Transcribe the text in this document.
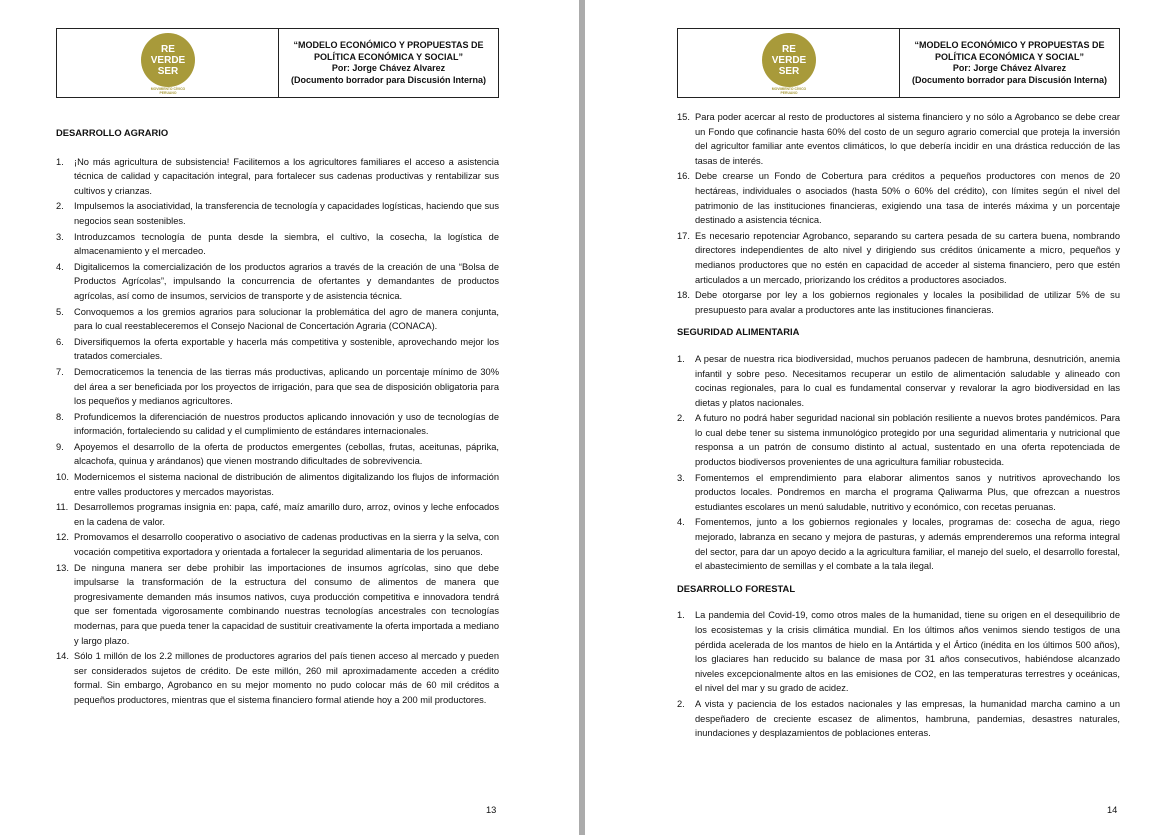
RE
VERDE
SER
MOVIMIENTO CÍVICO
PERUANO
“MODELO ECONÓMICO Y PROPUESTAS DE
POLÍTICA ECONÓMICA Y SOCIAL”
Por: Jorge Chávez Alvarez
(Documento borrador para Discusión Interna)

DESARROLLO AGRARIO

1. ¡No más agricultura de subsistencia! Facilitemos a los agricultores familiares el acceso a asistencia técnica de calidad y capacitación integral, para fortalecer sus cadenas productivas y rentabilizar sus cultivos y crianzas.
2. Impulsemos la asociatividad, la transferencia de tecnología y capacidades logísticas, haciendo que sus negocios sean sostenibles.
3. Introduzcamos tecnología de punta desde la siembra, el cultivo, la cosecha, la logística de almacenamiento y el mercadeo.
4. Digitalicemos la comercialización de los productos agrarios a través de la creación de una “Bolsa de Productos Agrícolas”, impulsando la concurrencia de ofertantes y demandantes de productos agrícolas, así como de insumos, servicios de transporte y de asistencia técnica.
5. Convoquemos a los gremios agrarios para solucionar la problemática del agro de manera conjunta, para lo cual reestableceremos el Consejo Nacional de Concertación Agraria (CONACA).
6. Diversifiquemos la oferta exportable y hacerla más competitiva y sostenible, aprovechando mejor los tratados comerciales.
7. Democraticemos la tenencia de las tierras más productivas, aplicando un porcentaje mínimo de 30% del área a ser beneficiada por los proyectos de irrigación, para que sea de disposición obligatoria para los pequeños y medianos agricultores.
8. Profundicemos la diferenciación de nuestros productos aplicando innovación y uso de tecnologías de información, fortaleciendo su calidad y el cumplimiento de estándares internacionales.
9. Apoyemos el desarrollo de la oferta de productos emergentes (cebollas, frutas, aceitunas, páprika, alcachofa, quinua y arándanos) que vienen mostrando dificultades de sobrevivencia.
10. Modernicemos el sistema nacional de distribución de alimentos digitalizando los flujos de información entre valles productores y mercados mayoristas.
11. Desarrollemos programas insignia en: papa, café, maíz amarillo duro, arroz, ovinos y leche enfocados en la cadena de valor.
12. Promovamos el desarrollo cooperativo o asociativo de cadenas productivas en la sierra y la selva, con vocación competitiva exportadora y orientada a fortalecer la seguridad alimentaria de los peruanos.
13. De ninguna manera ser debe prohibir las importaciones de insumos agrícolas, sino que debe impulsarse la transformación de la estructura del consumo de alimentos de manera que progresivamente demanden más insumos nativos, cuya producción competitiva e innovadora tendrá que ser fomentada vigorosamente combinando nuestras tecnologías ancestrales con tecnologías modernas, para que pueda tener la capacidad de sustituir creativamente la oferta importada a mediano y largo plazo.
14. Sólo 1 millón de los 2.2 millones de productores agrarios del país tienen acceso al mercado y pueden ser considerados sujetos de crédito. De este millón, 260 mil aproximadamente acceden a crédito formal. Sin embargo, Agrobanco en su mejor momento no pudo colocar más de 60 mil créditos a pequeños productores, mientras que el sistema financiero formal atiende hoy a 200 mil productores.
13
RE
VERDE
SER
MOVIMIENTO CÍVICO
PERUANO
“MODELO ECONÓMICO Y PROPUESTAS DE
POLÍTICA ECONÓMICA Y SOCIAL”
Por: Jorge Chávez Alvarez
(Documento borrador para Discusión Interna)
15. Para poder acercar al resto de productores al sistema financiero y no sólo a Agrobanco se debe crear un Fondo que cofinancie hasta 60% del costo de un seguro agrario comercial que proteja la inversión del agricultor familiar ante eventos climáticos, lo que debería incidir en una drástica reducción de las tasas de interés.
16. Debe crearse un Fondo de Cobertura para créditos a pequeños productores con menos de 20 hectáreas, individuales o asociados (hasta 50% o 60% del crédito), con límites según el nivel del patrimonio de las instituciones financieras, exigiendo una tasa de interés máxima y un porcentaje destinado a asistencia técnica.
17. Es necesario repotenciar Agrobanco, separando su cartera pesada de su cartera buena, nombrando directores independientes de alto nivel y dirigiendo sus créditos únicamente a micro, pequeños y medianos productores que no estén en capacidad de acceder al sistema financiero, pero que estén articulados a un mercado, priorizando los créditos a productores asociados.
18. Debe otorgarse por ley a los gobiernos regionales y locales la posibilidad de utilizar 5% de su presupuesto para avalar a productores ante las instituciones financieras.

SEGURIDAD ALIMENTARIA

1. A pesar de nuestra rica biodiversidad, muchos peruanos padecen de hambruna, desnutrición, anemia infantil y sobre peso. Necesitamos recuperar un estilo de alimentación saludable y alineado con cocinas regionales, para lo cual es fundamental conservar y revalorar la agro biodiversidad en las dietas y platos nacionales.
2. A futuro no podrá haber seguridad nacional sin población resiliente a nuevos brotes pandémicos. Para lo cual debe tener su sistema inmunológico protegido por una seguridad alimentaria y nutricional que responsa a un patrón de consumo distinto al actual, sustentado en una oferta repotenciada de productos biodiversos provenientes de una agricultura familiar robustecida.
3. Fomentemos el emprendimiento para elaborar alimentos sanos y nutritivos aprovechando los productos locales. Pondremos en marcha el programa Qaliwarma Plus, que ofrezcan a nuestros estudiantes escolares un menú saludable, nutritivo y económico, con recetas peruanas.
4. Fomentemos, junto a los gobiernos regionales y locales, programas de: cosecha de agua, riego mejorado, labranza en secano y mejora de pasturas, y además emprenderemos una reforma integral del sector, para dar un apoyo decido a la agricultura familiar, el manejo del suelo, el desarrollo forestal, el abastecimiento de semillas y el combate a la tala ilegal.

DESARROLLO FORESTAL

1. La pandemia del Covid-19, como otros males de la humanidad, tiene su origen en el desequilibrio de los ecosistemas y la crisis climática mundial. En los últimos años venimos siendo testigos de una pérdida acelerada de los mantos de hielo en la Antártida y el Ártico (inédita en los últimos 500 años), los glaciares han reducido su balance de masa por 31 años consecutivos, habiéndose alcanzado niveles excepcionalmente altos en las emisiones de CO2, en las temperaturas terrestres y oceánicas, el nivel del mar y su grado de acidez.
2. A vista y paciencia de los estados nacionales y las empresas, la humanidad marcha camino a un despeñadero de creciente escasez de alimentos, hambruna, pandemias, desastres naturales, inundaciones y desplazamientos de poblaciones enteras.
14
